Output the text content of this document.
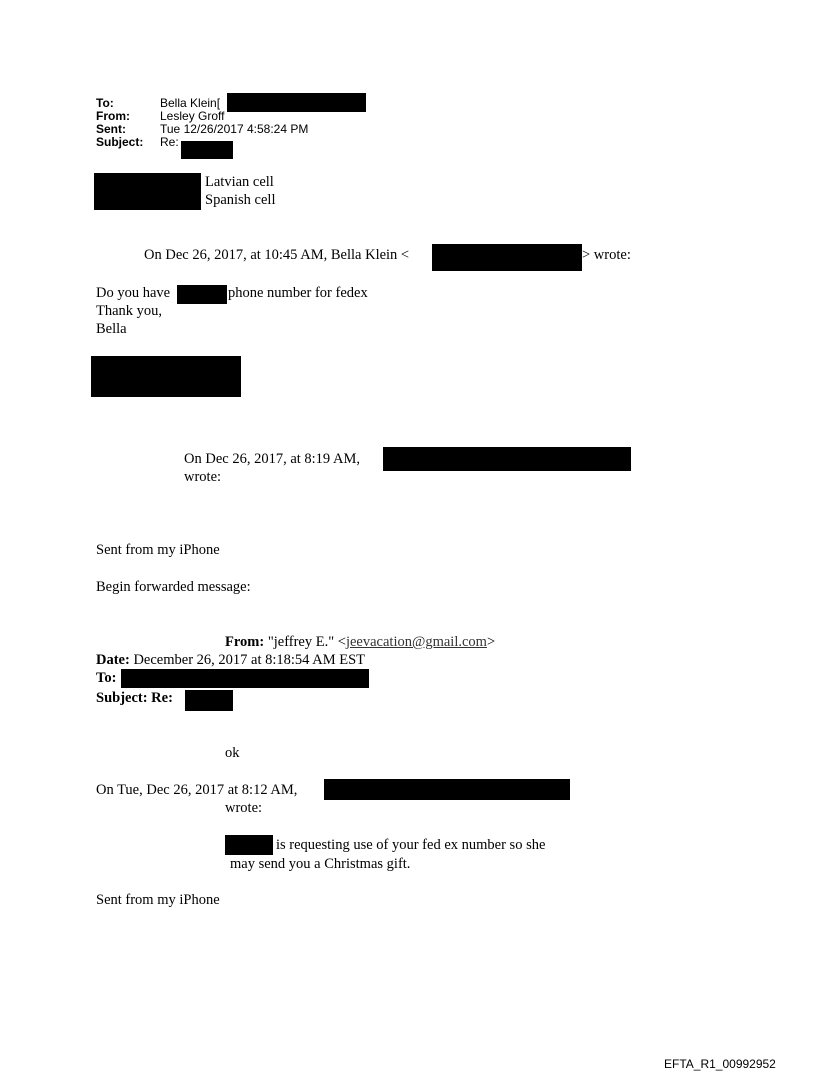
To:	Bella Klein[
From:	Lesley Groff
Sent:	Tue 12/26/2017 4:58:24 PM
Subject: Re:
Latvian cell
Spanish cell
On Dec 26, 2017, at 10:45 AM, Bella Klein <	> wrote:
Do you have	phone number for fedex
Thank you,
Bella
On Dec 26, 2017, at 8:19 AM,
wrote:
Sent from my iPhone
Begin forwarded message:
From: "jeffrey E." <jeevacation@gmail.com>
Date: December 26, 2017 at 8:18:54 AM EST
To:
Subject: Re:
ok
On Tue, Dec 26, 2017 at 8:12 AM,
wrote:
is requesting use of your fed ex number so she
may send you a Christmas gift.
Sent from my iPhone
EFTA_R1_00992952
